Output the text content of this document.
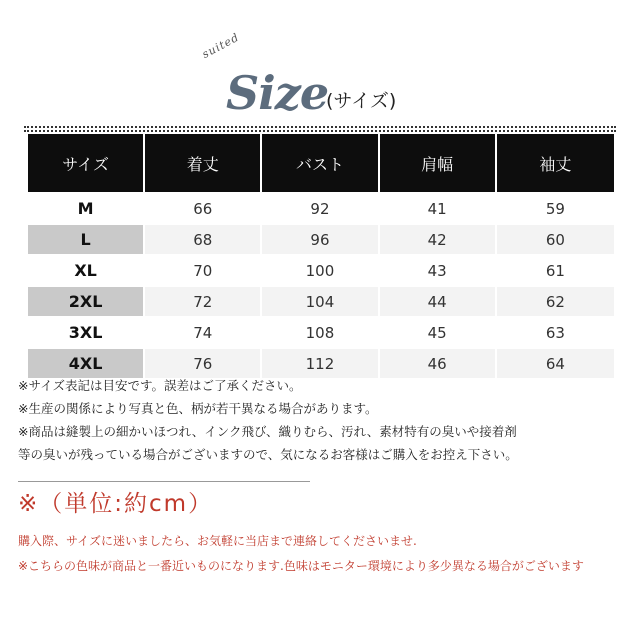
suited
Size
(サイズ)
サイズ	着丈	バスト	肩幅	袖丈
M	66	92	41	59
L	68	96	42	60
XL	70	100	43	61
2XL	72	104	44	62
3XL	74	108	45	63
4XL	76	112	46	64
※サイズ表記は目安です。誤差はご了承ください。
※生産の関係により写真と色、柄が若干異なる場合があります。
※商品は縫製上の細かいほつれ、インク飛び、織りむら、汚れ、素材特有の臭いや接着剤
等の臭いが残っている場合がございますので、気になるお客様はご購入をお控え下さい。
※（単位:約cm）
購入際、サイズに迷いましたら、お気軽に当店まで連絡してくださいませ.
※こちらの色味が商品と一番近いものになります.色味はモニター環境により多少異なる場合がございます
